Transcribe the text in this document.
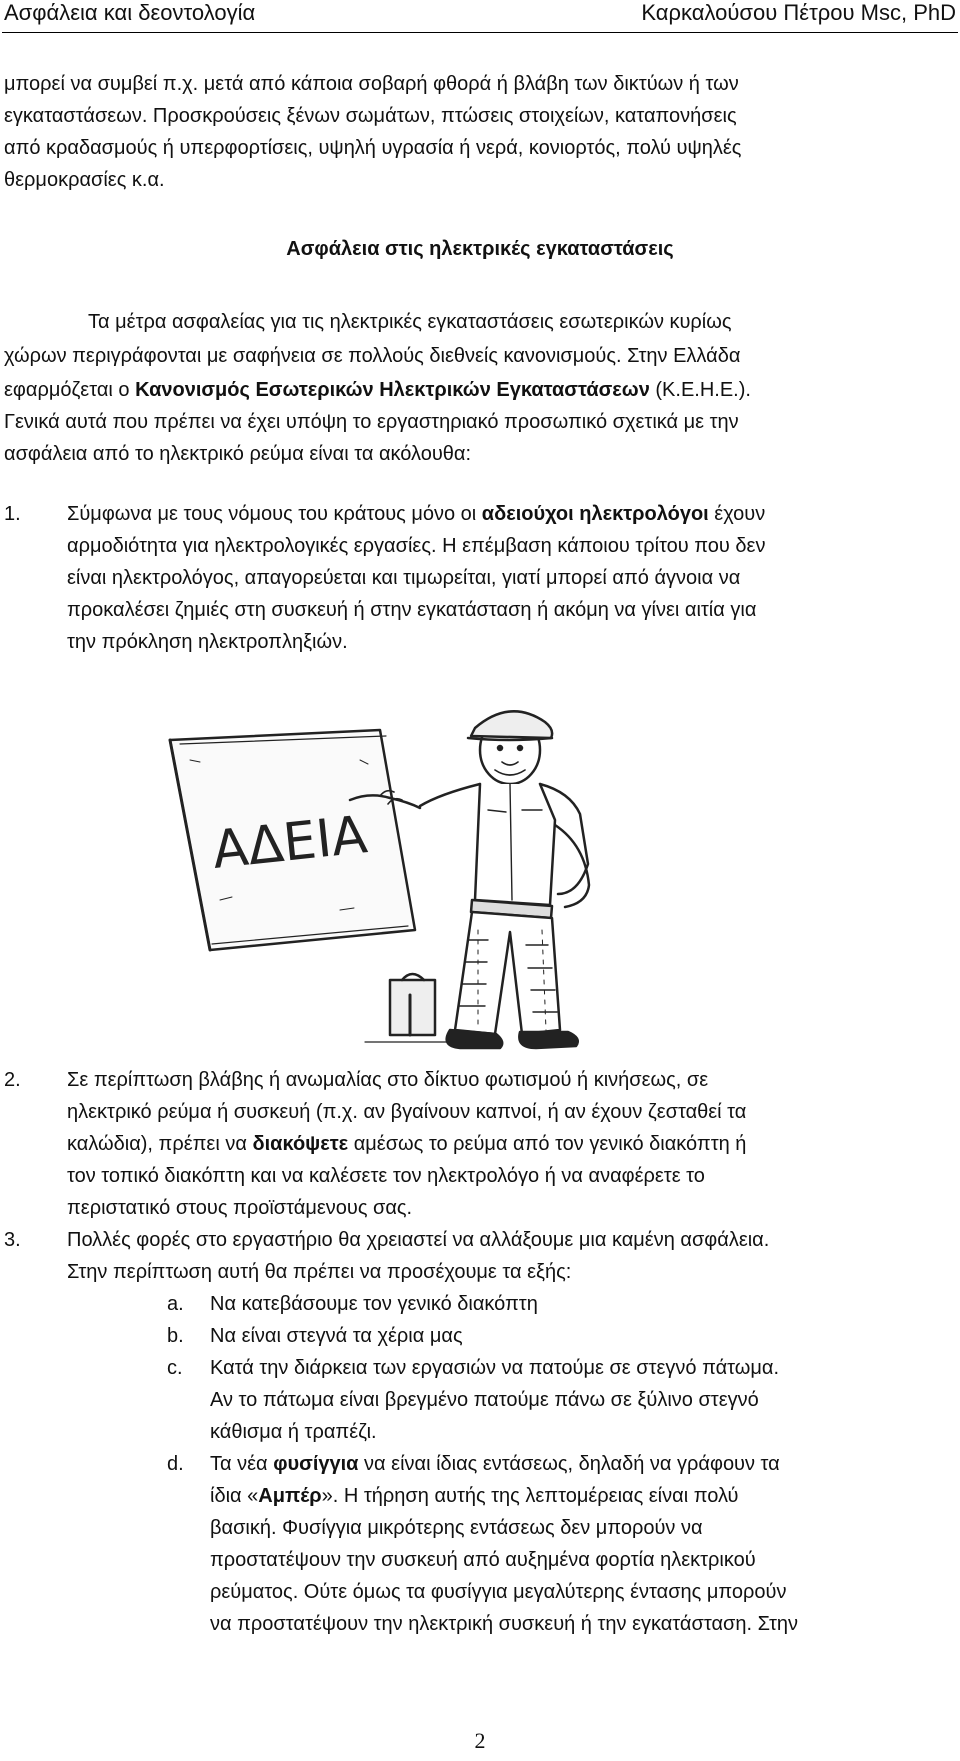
Ασφάλεια και δεοντολογία	Καρκαλούσου Πέτρου Msc, PhD
μπορεί να συμβεί π.χ. μετά από κάποια σοβαρή φθορά ή βλάβη των δικτύων ή των
εγκαταστάσεων. Προσκρούσεις ξένων σωμάτων, πτώσεις στοιχείων, καταπονήσεις
από κραδασμούς ή υπερφορτίσεις, υψηλή υγρασία ή νερά, κονιορτός, πολύ υψηλές
θερμοκρασίες κ.α.
Ασφάλεια στις ηλεκτρικές εγκαταστάσεις
Τα μέτρα ασφαλείας για τις ηλεκτρικές εγκαταστάσεις εσωτερικών κυρίως
χώρων περιγράφονται με σαφήνεια σε πολλούς διεθνείς κανονισμούς. Στην Ελλάδα
εφαρμόζεται ο Κανονισμός Εσωτερικών Ηλεκτρικών Εγκαταστάσεων (Κ.Ε.Η.Ε.).
Γενικά αυτά που πρέπει να έχει υπόψη το εργαστηριακό προσωπικό σχετικά με την
ασφάλεια από το ηλεκτρικό ρεύμα είναι τα ακόλουθα:
1. Σύμφωνα με τους νόμους του κράτους μόνο οι αδειούχοι ηλεκτρολόγοι έχουν
αρμοδιότητα για ηλεκτρολογικές εργασίες. Η επέμβαση κάποιου τρίτου που δεν
είναι ηλεκτρολόγος, απαγορεύεται και τιμωρείται, γιατί μπορεί από άγνοια να
προκαλέσει ζημιές στη συσκευή ή στην εγκατάσταση ή ακόμη να γίνει αιτία για
την πρόκληση ηλεκτροπληξιών.
ΑΔΕΙΑ
2. Σε περίπτωση βλάβης ή ανωμαλίας στο δίκτυο φωτισμού ή κινήσεως, σε
ηλεκτρικό ρεύμα ή συσκευή (π.χ. αν βγαίνουν καπνοί, ή αν έχουν ζεσταθεί τα
καλώδια), πρέπει να διακόψετε αμέσως το ρεύμα από τον γενικό διακόπτη ή
τον τοπικό διακόπτη και να καλέσετε τον ηλεκτρολόγο ή να αναφέρετε το
περιστατικό στους προϊστάμενους σας.
3. Πολλές φορές στο εργαστήριο θα χρειαστεί να αλλάξουμε μια καμένη ασφάλεια.
Στην περίπτωση αυτή θα πρέπει να προσέχουμε τα εξής:
a. Να κατεβάσουμε τον γενικό διακόπτη
b. Να είναι στεγνά τα χέρια μας
c. Κατά την διάρκεια των εργασιών να πατούμε σε στεγνό πάτωμα.
Αν το πάτωμα είναι βρεγμένο πατούμε πάνω σε ξύλινο στεγνό
κάθισμα ή τραπέζι.
d. Τα νέα φυσίγγια να είναι ίδιας εντάσεως, δηλαδή να γράφουν τα
ίδια «Αμπέρ». Η τήρηση αυτής της λεπτομέρειας είναι πολύ
βασική. Φυσίγγια μικρότερης εντάσεως δεν μπορούν να
προστατέψουν την συσκευή από αυξημένα φορτία ηλεκτρικού
ρεύματος. Ούτε όμως τα φυσίγγια μεγαλύτερης έντασης μπορούν
να προστατέψουν την ηλεκτρική συσκευή ή την εγκατάσταση. Στην
2
